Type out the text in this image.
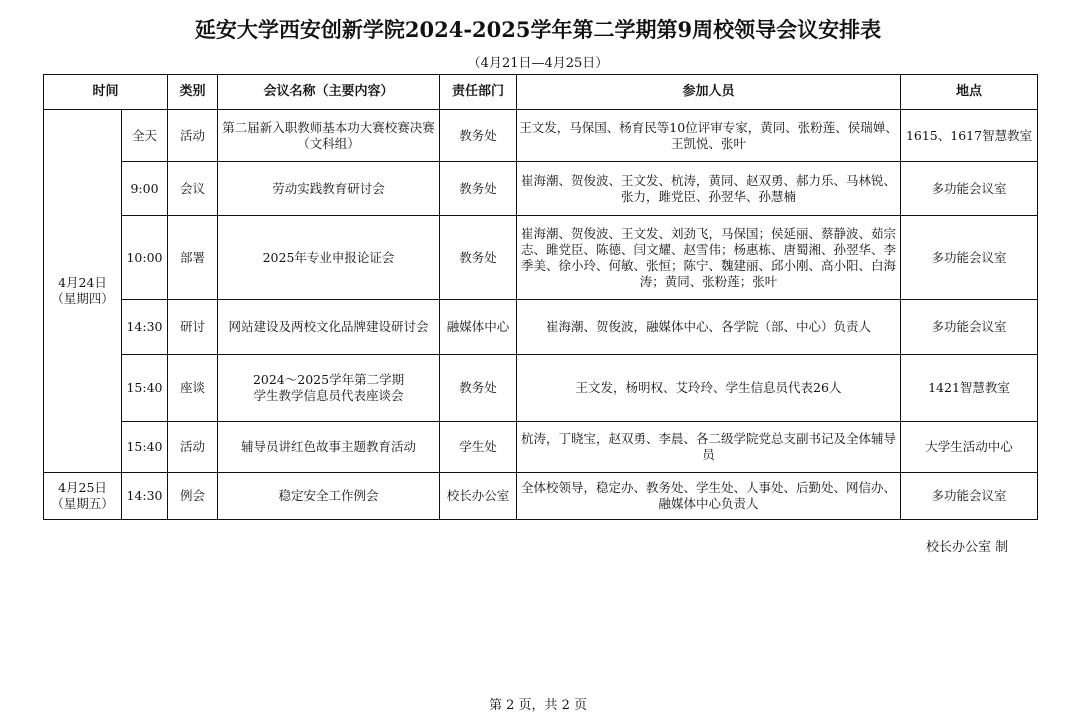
延安大学西安创新学院2024-2025学年第二学期第9周校领导会议安排表
（4月21日—4月25日）
时间		类别	会议名称（主要内容）	责任部门	参加人员	地点

4月24日
（星期四）	全天	活动	第二届新入职教师基本功大赛校赛决赛（文科组）	教务处	王文发，马保国、杨育民等10位评审专家，黄同、张粉莲、侯瑞婵、王凯悦、张叶	1615、1617智慧教室
	9:00	会议	劳动实践教育研讨会	教务处	崔海潮、贺俊波、王文发、杭涛，黄同、赵双勇、郝力乐、马林锐、张力，雎党臣、孙翌华、孙慧楠	多功能会议室
	10:00	部署	2025年专业申报论证会	教务处	崔海潮、贺俊波、王文发、刘劲飞，马保国；侯延丽、蔡静波、茹宗志、雎党臣、陈德、闫文耀、赵雪伟；杨惠栋、唐蜀湘、孙翌华、李季美、徐小玲、何敏、张恒；陈宁、魏建丽、邱小刚、高小阳、白海涛；黄同、张粉莲；张叶	多功能会议室
	14:30	研讨	网站建设及两校文化品牌建设研讨会	融媒体中心	崔海潮、贺俊波，融媒体中心、各学院（部、中心）负责人	多功能会议室
	15:40	座谈	2024～2025学年第二学期
学生教学信息员代表座谈会	教务处	王文发，杨明权、艾玲玲、学生信息员代表26人	1421智慧教室
	15:40	活动	辅导员讲红色故事主题教育活动	学生处	杭涛，丁晓宝，赵双勇、李晨、各二级学院党总支副书记及全体辅导员	大学生活动中心

4月25日
（星期五）	14:30	例会	稳定安全工作例会	校长办公室	全体校领导，稳定办、教务处、学生处、人事处、后勤处、网信办、融媒体中心负责人	多功能会议室
校长办公室 制
第 2 页，共 2 页
